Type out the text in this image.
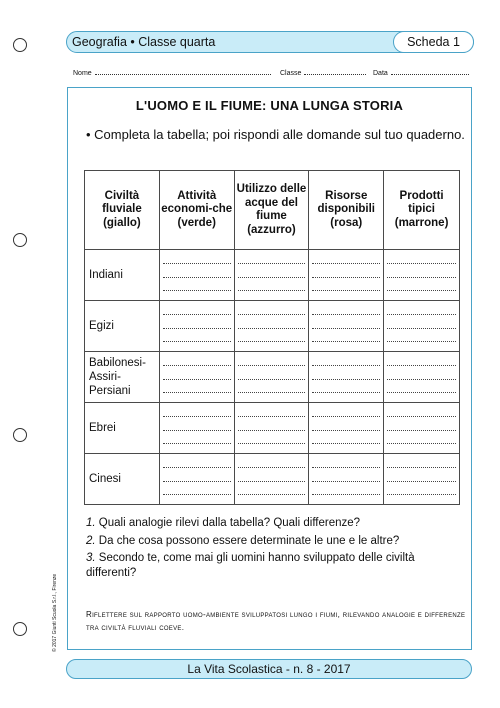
Geografia • Classe quarta	Scheda 1
Nome	Classe	Data
L'UOMO E IL FIUME: UNA LUNGA STORIA
• Completa la tabella; poi rispondi alle domande sul tuo quaderno.
Civiltà fluviale (giallo)	Attività economi-che (verde)	Utilizzo delle acque del fiume (azzurro)	Risorse disponibili (rosa)	Prodotti tipici (marrone)
Indiani	

Egizi	

Babilonesi-Assiri-Persiani	

Ebrei	

Cinesi	

1. Quali analogie rilevi dalla tabella? Quali differenze?

2. Da che cosa possono essere determinate le une e le altre?

3. Secondo te, come mai gli uomini hanno sviluppato delle civiltà differenti?

Riflettere sul rapporto uomo-ambiente sviluppatosi lungo i fiumi, rilevando analogie e differenze tra civiltà fluviali coeve.
© 2017 Giunti Scuola S.r.l., Firenze
La Vita Scolastica - n. 8 - 2017
